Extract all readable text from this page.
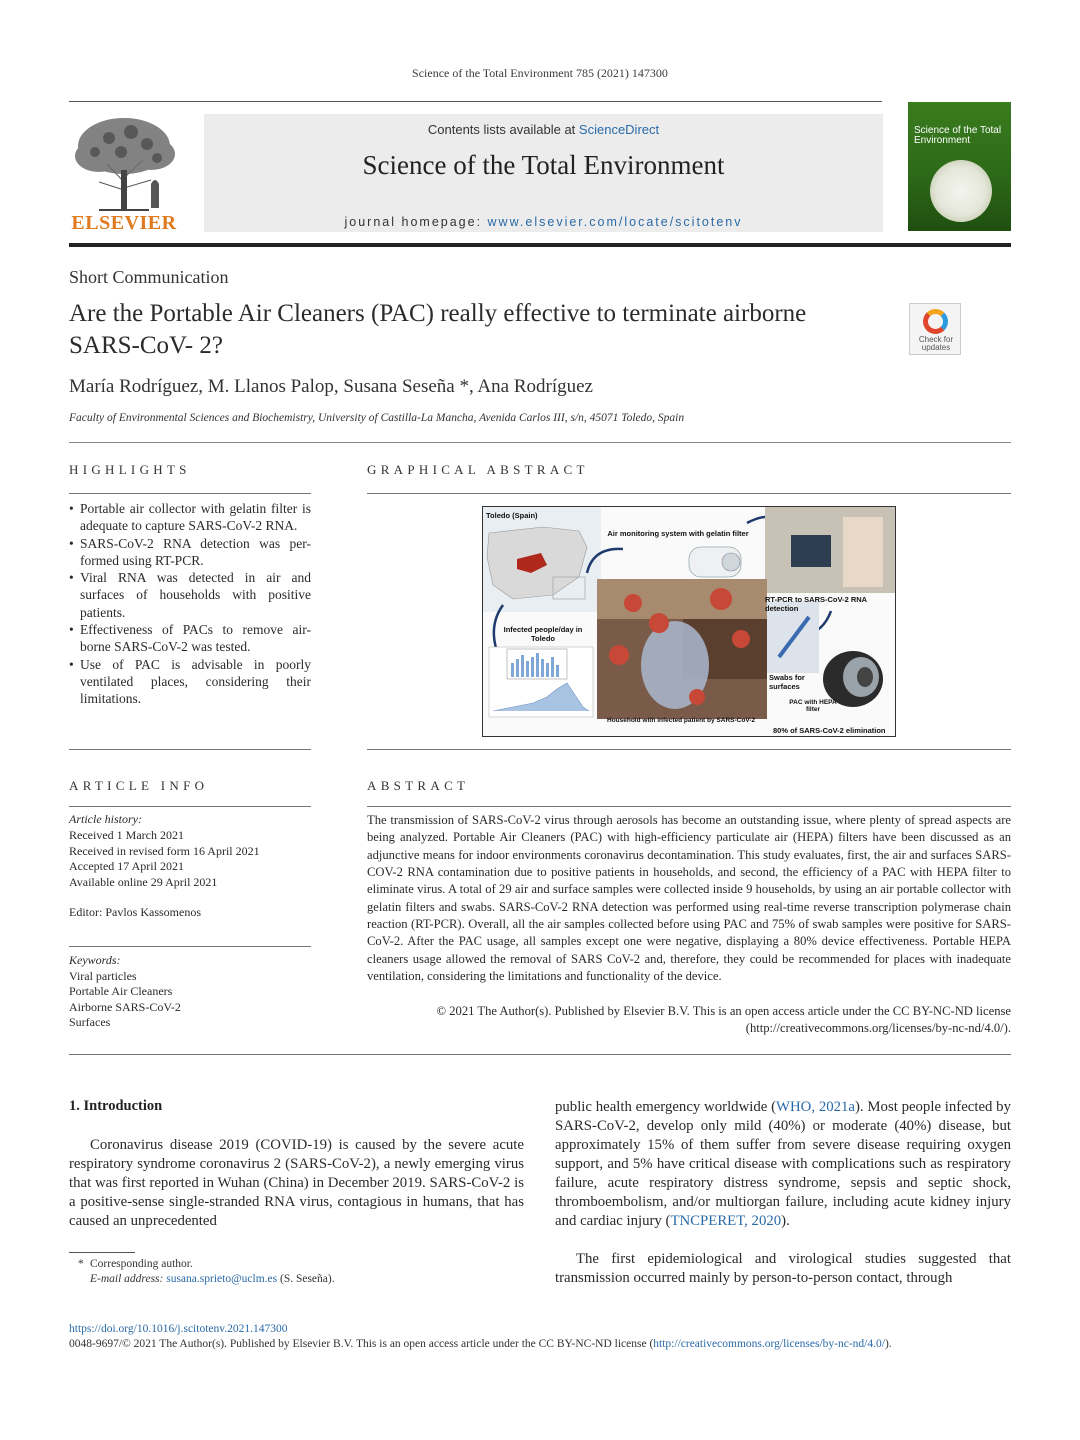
Science of the Total Environment 785 (2021) 147300
ELSEVIER
Contents lists available at ScienceDirect
Science of the Total Environment
journal homepage: www.elsevier.com/locate/scitotenv
Science of the Total Environment
Short Communication
Are the Portable Air Cleaners (PAC) really effective to terminate airborne SARS-CoV- 2?	Check for updates
María Rodríguez, M. Llanos Palop, Susana Seseña *, Ana Rodríguez
Faculty of Environmental Sciences and Biochemistry, University of Castilla-La Mancha, Avenida Carlos III, s/n, 45071 Toledo, Spain
HIGHLIGHTS	GRAPHICAL ABSTRACT
• Portable air collector with gelatin filter is adequate to capture SARS-CoV-2 RNA.
• SARS-CoV-2 RNA detection was per-formed using RT-PCR.
• Viral RNA was detected in air and surfaces of households with positive patients.
• Effectiveness of PACs to remove air-borne SARS-CoV-2 was tested.
• Use of PAC is advisable in poorly ventilated places, considering their limitations.
Toledo (Spain)
Air monitoring system with gelatin filter
RT-PCR to SARS-CoV-2 RNA detection
Infected people/day in Toledo
Swabs for surfaces
PAC with HEPA filter
Household with infected patient by SARS-CoV-2
80% of SARS-CoV-2 elimination
ARTICLE INFO	ABSTRACT
Article history:
Received 1 March 2021
Received in revised form 16 April 2021
Accepted 17 April 2021
Available online 29 April 2021
Editor: Pavlos Kassomenos
Keywords:
Viral particles
Portable Air Cleaners
Airborne SARS-CoV-2
Surfaces
The transmission of SARS-CoV-2 virus through aerosols has become an outstanding issue, where plenty of spread aspects are being analyzed. Portable Air Cleaners (PAC) with high-efficiency particulate air (HEPA) filters have been discussed as an adjunctive means for indoor environments coronavirus decontamination. This study evaluates, first, the air and surfaces SARS-COV-2 RNA contamination due to positive patients in households, and second, the efficiency of a PAC with HEPA filter to eliminate virus. A total of 29 air and surface samples were collected inside 9 households, by using an air portable collector with gelatin filters and swabs. SARS-CoV-2 RNA detection was performed using real-time reverse transcription polymerase chain reaction (RT-PCR). Overall, all the air samples collected before using PAC and 75% of swab samples were positive for SARS-CoV-2. After the PAC usage, all samples except one were negative, displaying a 80% device effectiveness. Portable HEPA cleaners usage allowed the removal of SARS CoV-2 and, therefore, they could be recommended for places with inadequate ventilation, considering the limitations and functionality of the device.
© 2021 The Author(s). Published by Elsevier B.V. This is an open access article under the CC BY-NC-ND license
(http://creativecommons.org/licenses/by-nc-nd/4.0/).
1. Introduction
Coronavirus disease 2019 (COVID-19) is caused by the severe acute respiratory syndrome coronavirus 2 (SARS-CoV-2), a newly emerging virus that was first reported in Wuhan (China) in December 2019. SARS-CoV-2 is a positive-sense single-stranded RNA virus, contagious in humans, that has caused an unprecedented
public health emergency worldwide (WHO, 2021a). Most people infected by SARS-CoV-2, develop only mild (40%) or moderate (40%) disease, but approximately 15% of them suffer from severe disease requiring oxygen support, and 5% have critical disease with complications such as respiratory failure, acute respiratory distress syndrome, sepsis and septic shock, thromboembolism, and/or multiorgan failure, including acute kidney injury and cardiac injury (TNCPERET, 2020).
The first epidemiological and virological studies suggested that transmission occurred mainly by person-to-person contact, through
* Corresponding author.
E-mail address: susana.sprieto@uclm.es (S. Seseña).
https://doi.org/10.1016/j.scitotenv.2021.147300
0048-9697/© 2021 The Author(s). Published by Elsevier B.V. This is an open access article under the CC BY-NC-ND license (http://creativecommons.org/licenses/by-nc-nd/4.0/).
